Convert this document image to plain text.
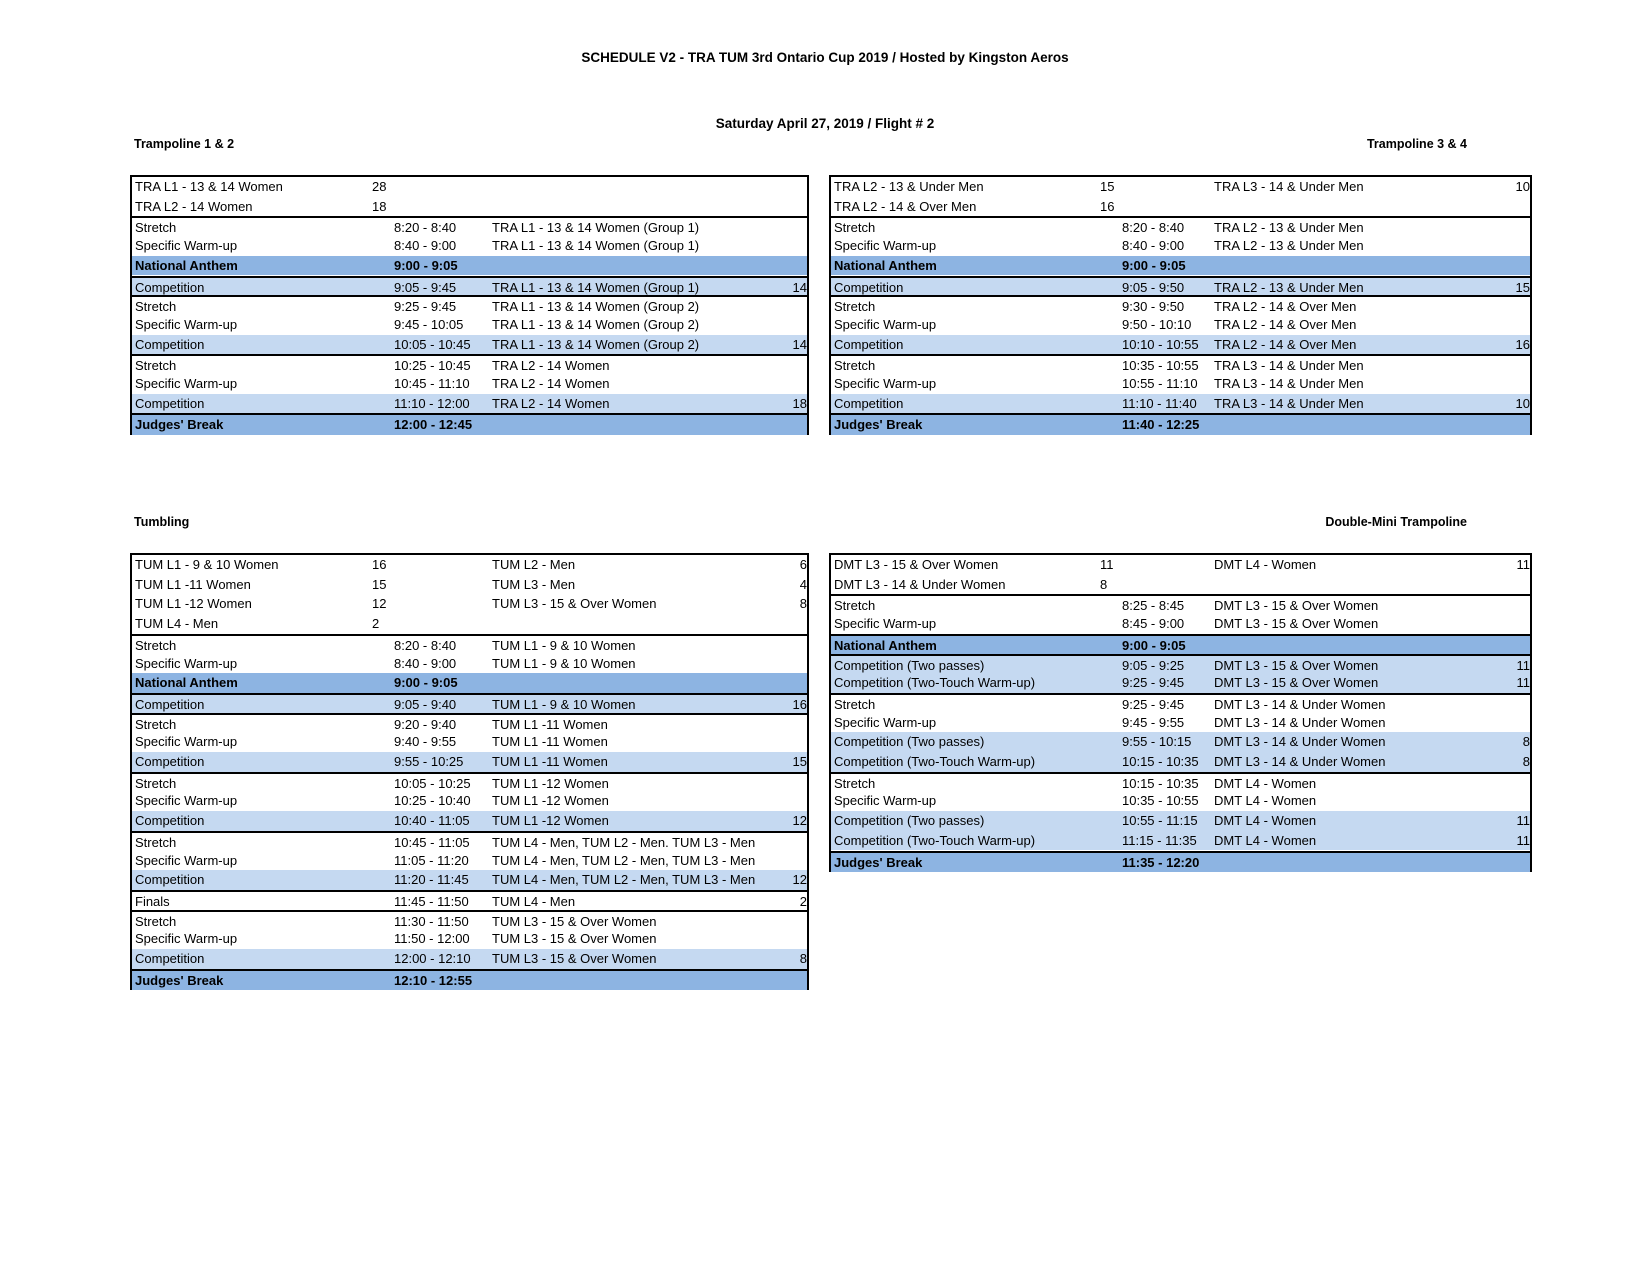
SCHEDULE V2 - TRA TUM 3rd Ontario Cup 2019 / Hosted by Kingston Aeros
Saturday April 27, 2019 / Flight # 2
Trampoline 1 & 2	Trampoline 3 & 4
Tumbling	Double-Mini Trampoline
TRA L1 - 13 & 14 Women	28
TRA L2 - 14 Women	18
Stretch	8:20 - 8:40	TRA L1 - 13 & 14 Women (Group 1)
Specific Warm-up	8:40 - 9:00	TRA L1 - 13 & 14 Women (Group 1)
National Anthem	9:00 - 9:05
Competition	9:05 - 9:45	TRA L1 - 13 & 14 Women (Group 1)	14
Stretch	9:25 - 9:45	TRA L1 - 13 & 14 Women (Group 2)
Specific Warm-up	9:45 - 10:05 TRA L1 - 13 & 14 Women (Group 2)
Competition	10:05 - 10:45 TRA L1 - 13 & 14 Women (Group 2)	14
Stretch	10:25 - 10:45 TRA L2 - 14 Women
Specific Warm-up	10:45 - 11:10 TRA L2 - 14 Women
Competition	11:10 - 12:00 TRA L2 - 14 Women	18
Judges' Break	12:00 - 12:45
TRA L2 - 13 & Under Men	15	TRA L3 - 14 & Under Men	10
TRA L2 - 14 & Over Men	16
Stretch	8:20 - 8:40 TRA L2 - 13 & Under Men
Specific Warm-up	8:40 - 9:00 TRA L2 - 13 & Under Men
National Anthem	9:00 - 9:05
Competition	9:05 - 9:50 TRA L2 - 13 & Under Men	15
Stretch	9:30 - 9:50 TRA L2 - 14 & Over Men
Specific Warm-up	9:50 - 10:10 TRA L2 - 14 & Over Men
Competition	10:10 - 10:55 TRA L2 - 14 & Over Men	16
Stretch	10:35 - 10:55 TRA L3 - 14 & Under Men
Specific Warm-up	10:55 - 11:10 TRA L3 - 14 & Under Men
Competition	11:10 - 11:40 TRA L3 - 14 & Under Men	10
Judges' Break	11:40 - 12:25
TUM L1 - 9 & 10 Women	16	TUM L2 - Men	6
TUM L1 -11 Women	15	TUM L3 - Men	4
TUM L1 -12 Women	12	TUM L3 - 15 & Over Women	8
TUM L4 - Men	2
Stretch	8:20 - 8:40	TUM L1 - 9 & 10 Women
Specific Warm-up	8:40 - 9:00	TUM L1 - 9 & 10 Women
National Anthem	9:00 - 9:05
Competition	9:05 - 9:40	TUM L1 - 9 & 10 Women	16
Stretch	9:20 - 9:40	TUM L1 -11 Women
Specific Warm-up	9:40 - 9:55	TUM L1 -11 Women
Competition	9:55 - 10:25 TUM L1 -11 Women	15
Stretch	10:05 - 10:25 TUM L1 -12 Women
Specific Warm-up	10:25 - 10:40 TUM L1 -12 Women
Competition	10:40 - 11:05 TUM L1 -12 Women	12
Stretch	10:45 - 11:05 TUM L4 - Men, TUM L2 - Men. TUM L3 - Men
Specific Warm-up	11:05 - 11:20 TUM L4 - Men, TUM L2 - Men, TUM L3 - Men
Competition	11:20 - 11:45 TUM L4 - Men, TUM L2 - Men, TUM L3 - Men	12
Finals	11:45 - 11:50 TUM L4 - Men	2
Stretch	11:30 - 11:50 TUM L3 - 15 & Over Women
Specific Warm-up	11:50 - 12:00 TUM L3 - 15 & Over Women
Competition	12:00 - 12:10 TUM L3 - 15 & Over Women	8
Judges' Break	12:10 - 12:55
DMT L3 - 15 & Over Women	11	DMT L4 - Women	11
DMT L3 - 14 & Under Women	8
Stretch	8:25 - 8:45 DMT L3 - 15 & Over Women
Specific Warm-up	8:45 - 9:00 DMT L3 - 15 & Over Women
National Anthem	9:00 - 9:05
Competition (Two passes)	9:05 - 9:25 DMT L3 - 15 & Over Women	11
Competition (Two-Touch Warm-up)	9:25 - 9:45 DMT L3 - 15 & Over Women	11
Stretch	9:25 - 9:45 DMT L3 - 14 & Under Women
Specific Warm-up	9:45 - 9:55 DMT L3 - 14 & Under Women
Competition (Two passes)	9:55 - 10:15 DMT L3 - 14 & Under Women	8
Competition (Two-Touch Warm-up)	10:15 - 10:35 DMT L3 - 14 & Under Women	8
Stretch	10:15 - 10:35 DMT L4 - Women
Specific Warm-up	10:35 - 10:55 DMT L4 - Women
Competition (Two passes)	10:55 - 11:15 DMT L4 - Women	11
Competition (Two-Touch Warm-up)	11:15 - 11:35 DMT L4 - Women	11
Judges' Break	11:35 - 12:20
